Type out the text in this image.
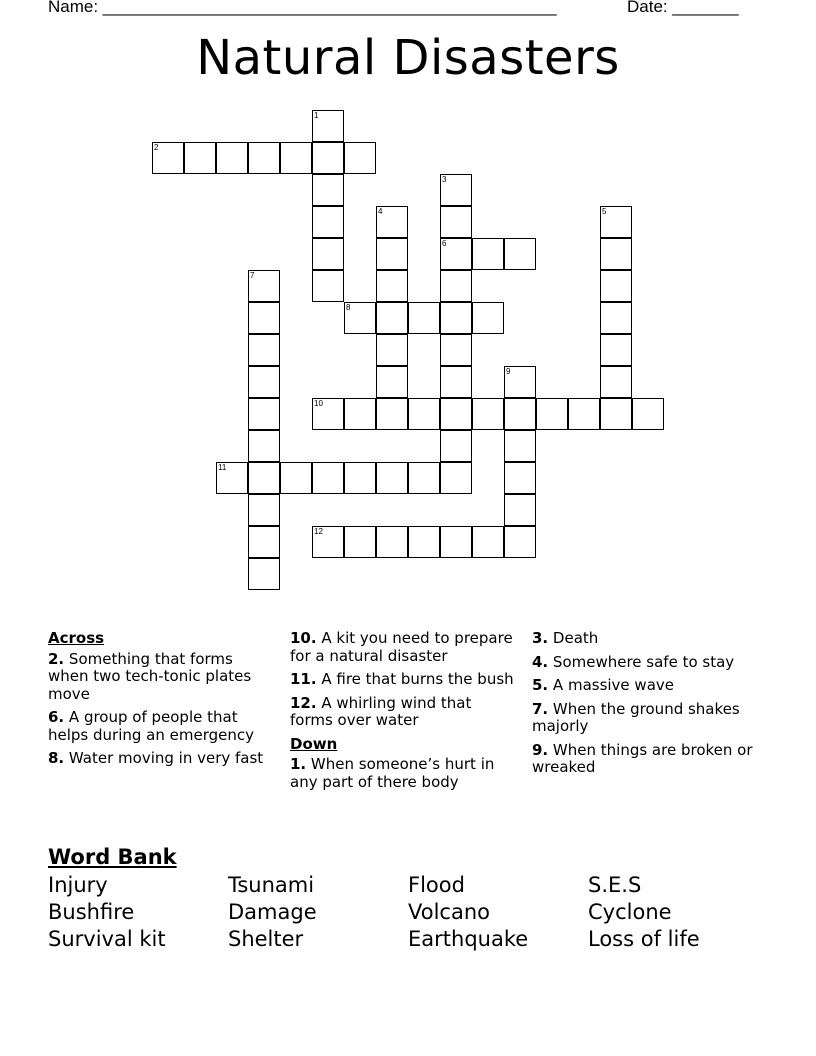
Name: ________________________________________________	Date: _______
Natural Disasters
1
2
3
6
4	5
7
8
9
10
11
12
Across
2. Something that forms when two tech-tonic plates move
6. A group of people that helps during an emergency
8. Water moving in very fast
10. A kit you need to prepare for a natural disaster
11. A fire that burns the bush
12. A whirling wind that forms over water
Down
1. When someone’s hurt in any part of there body
3. Death
4. Somewhere safe to stay
5. A massive wave
7. When the ground shakes majorly
9. When things are broken or wreaked
Word Bank
Injury	Tsunami	Flood	S.E.S
Bushfire	Damage	Volcano	Cyclone
Survival kit	Shelter	Earthquake	Loss of life
